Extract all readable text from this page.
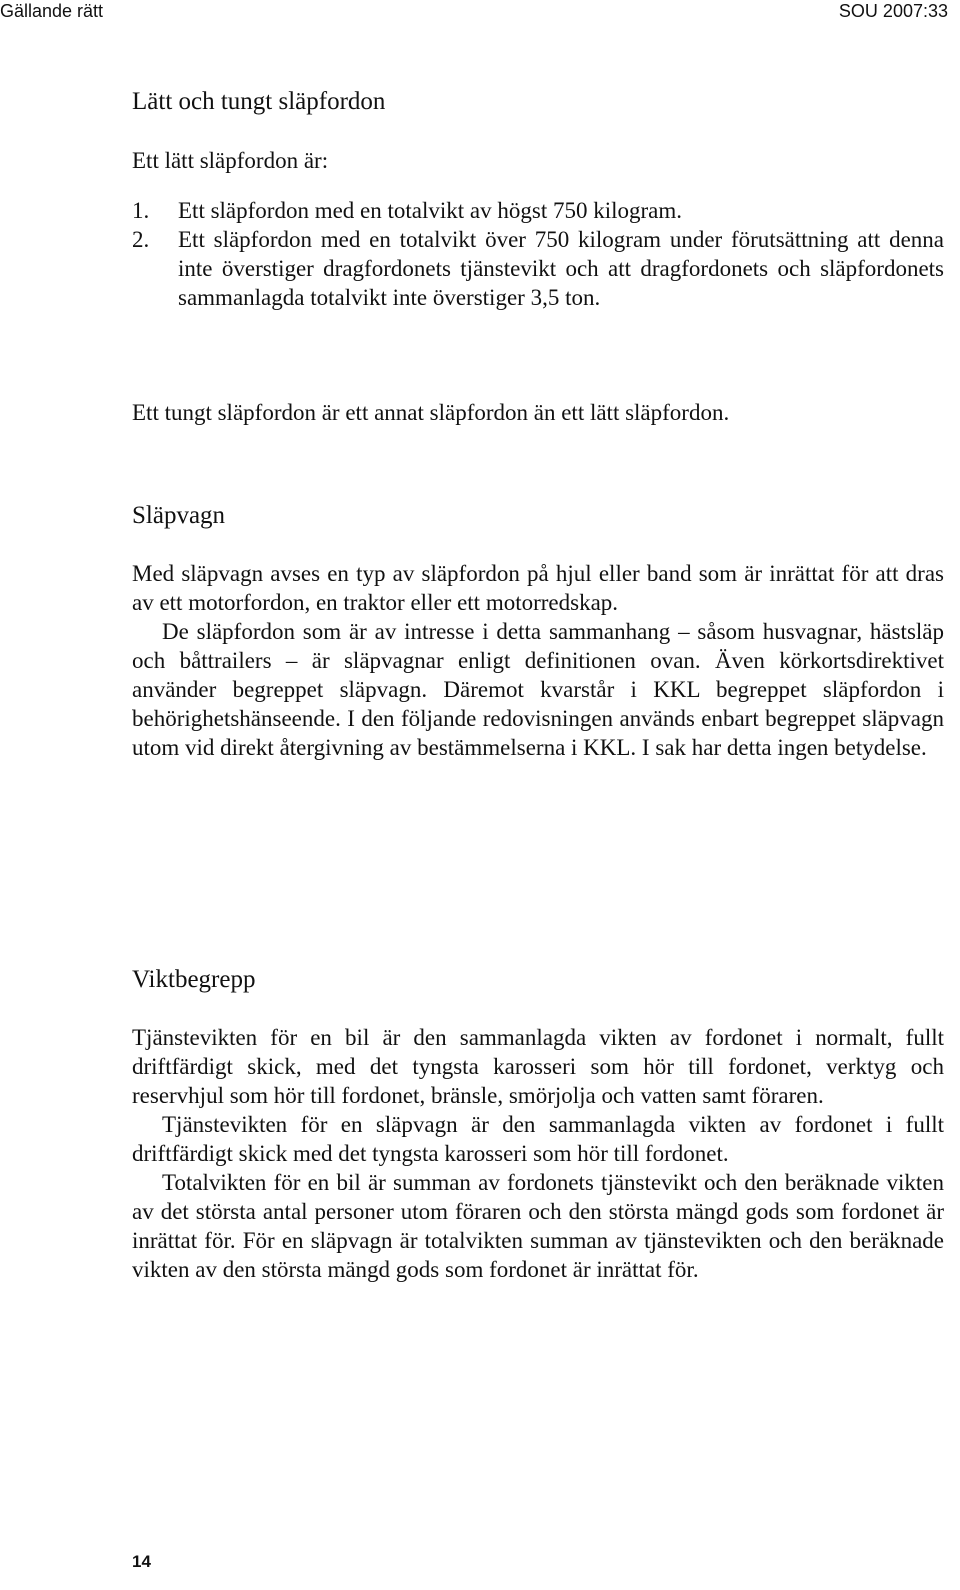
Gällande rätt	SOU 2007:33
Lätt och tungt släpfordon

Ett lätt släpfordon är:

1.	Ett släpfordon med en totalvikt av högst 750 kilogram.
2.	Ett släpfordon med en totalvikt över 750 kilogram under förutsättning att denna inte överstiger dragfordonets tjänstevikt och att dragfordonets och släpfordonets sammanlagda totalvikt inte överstiger 3,5 ton.

Ett tungt släpfordon är ett annat släpfordon än ett lätt släpfordon.

Släpvagn

Med släpvagn avses en typ av släpfordon på hjul eller band som är inrättat för att dras av ett motorfordon, en traktor eller ett motorredskap.

De släpfordon som är av intresse i detta sammanhang – såsom husvagnar, hästsläp och båttrailers – är släpvagnar enligt definitionen ovan. Även körkortsdirektivet använder begreppet släpvagn. Däremot kvarstår i KKL begreppet släpfordon i behörighetshänseende. I den följande redovisningen används enbart begreppet släpvagn utom vid direkt återgivning av bestämmelserna i KKL. I sak har detta ingen betydelse.

Viktbegrepp

Tjänstevikten för en bil är den sammanlagda vikten av fordonet i normalt, fullt driftfärdigt skick, med det tyngsta karosseri som hör till fordonet, verktyg och reservhjul som hör till fordonet, bränsle, smörjolja och vatten samt föraren.

Tjänstevikten för en släpvagn är den sammanlagda vikten av fordonet i fullt driftfärdigt skick med det tyngsta karosseri som hör till fordonet.

Totalvikten för en bil är summan av fordonets tjänstevikt och den beräknade vikten av det största antal personer utom föraren och den största mängd gods som fordonet är inrättat för. För en släpvagn är totalvikten summan av tjänstevikten och den beräknade vikten av den största mängd gods som fordonet är inrättat för.

14
